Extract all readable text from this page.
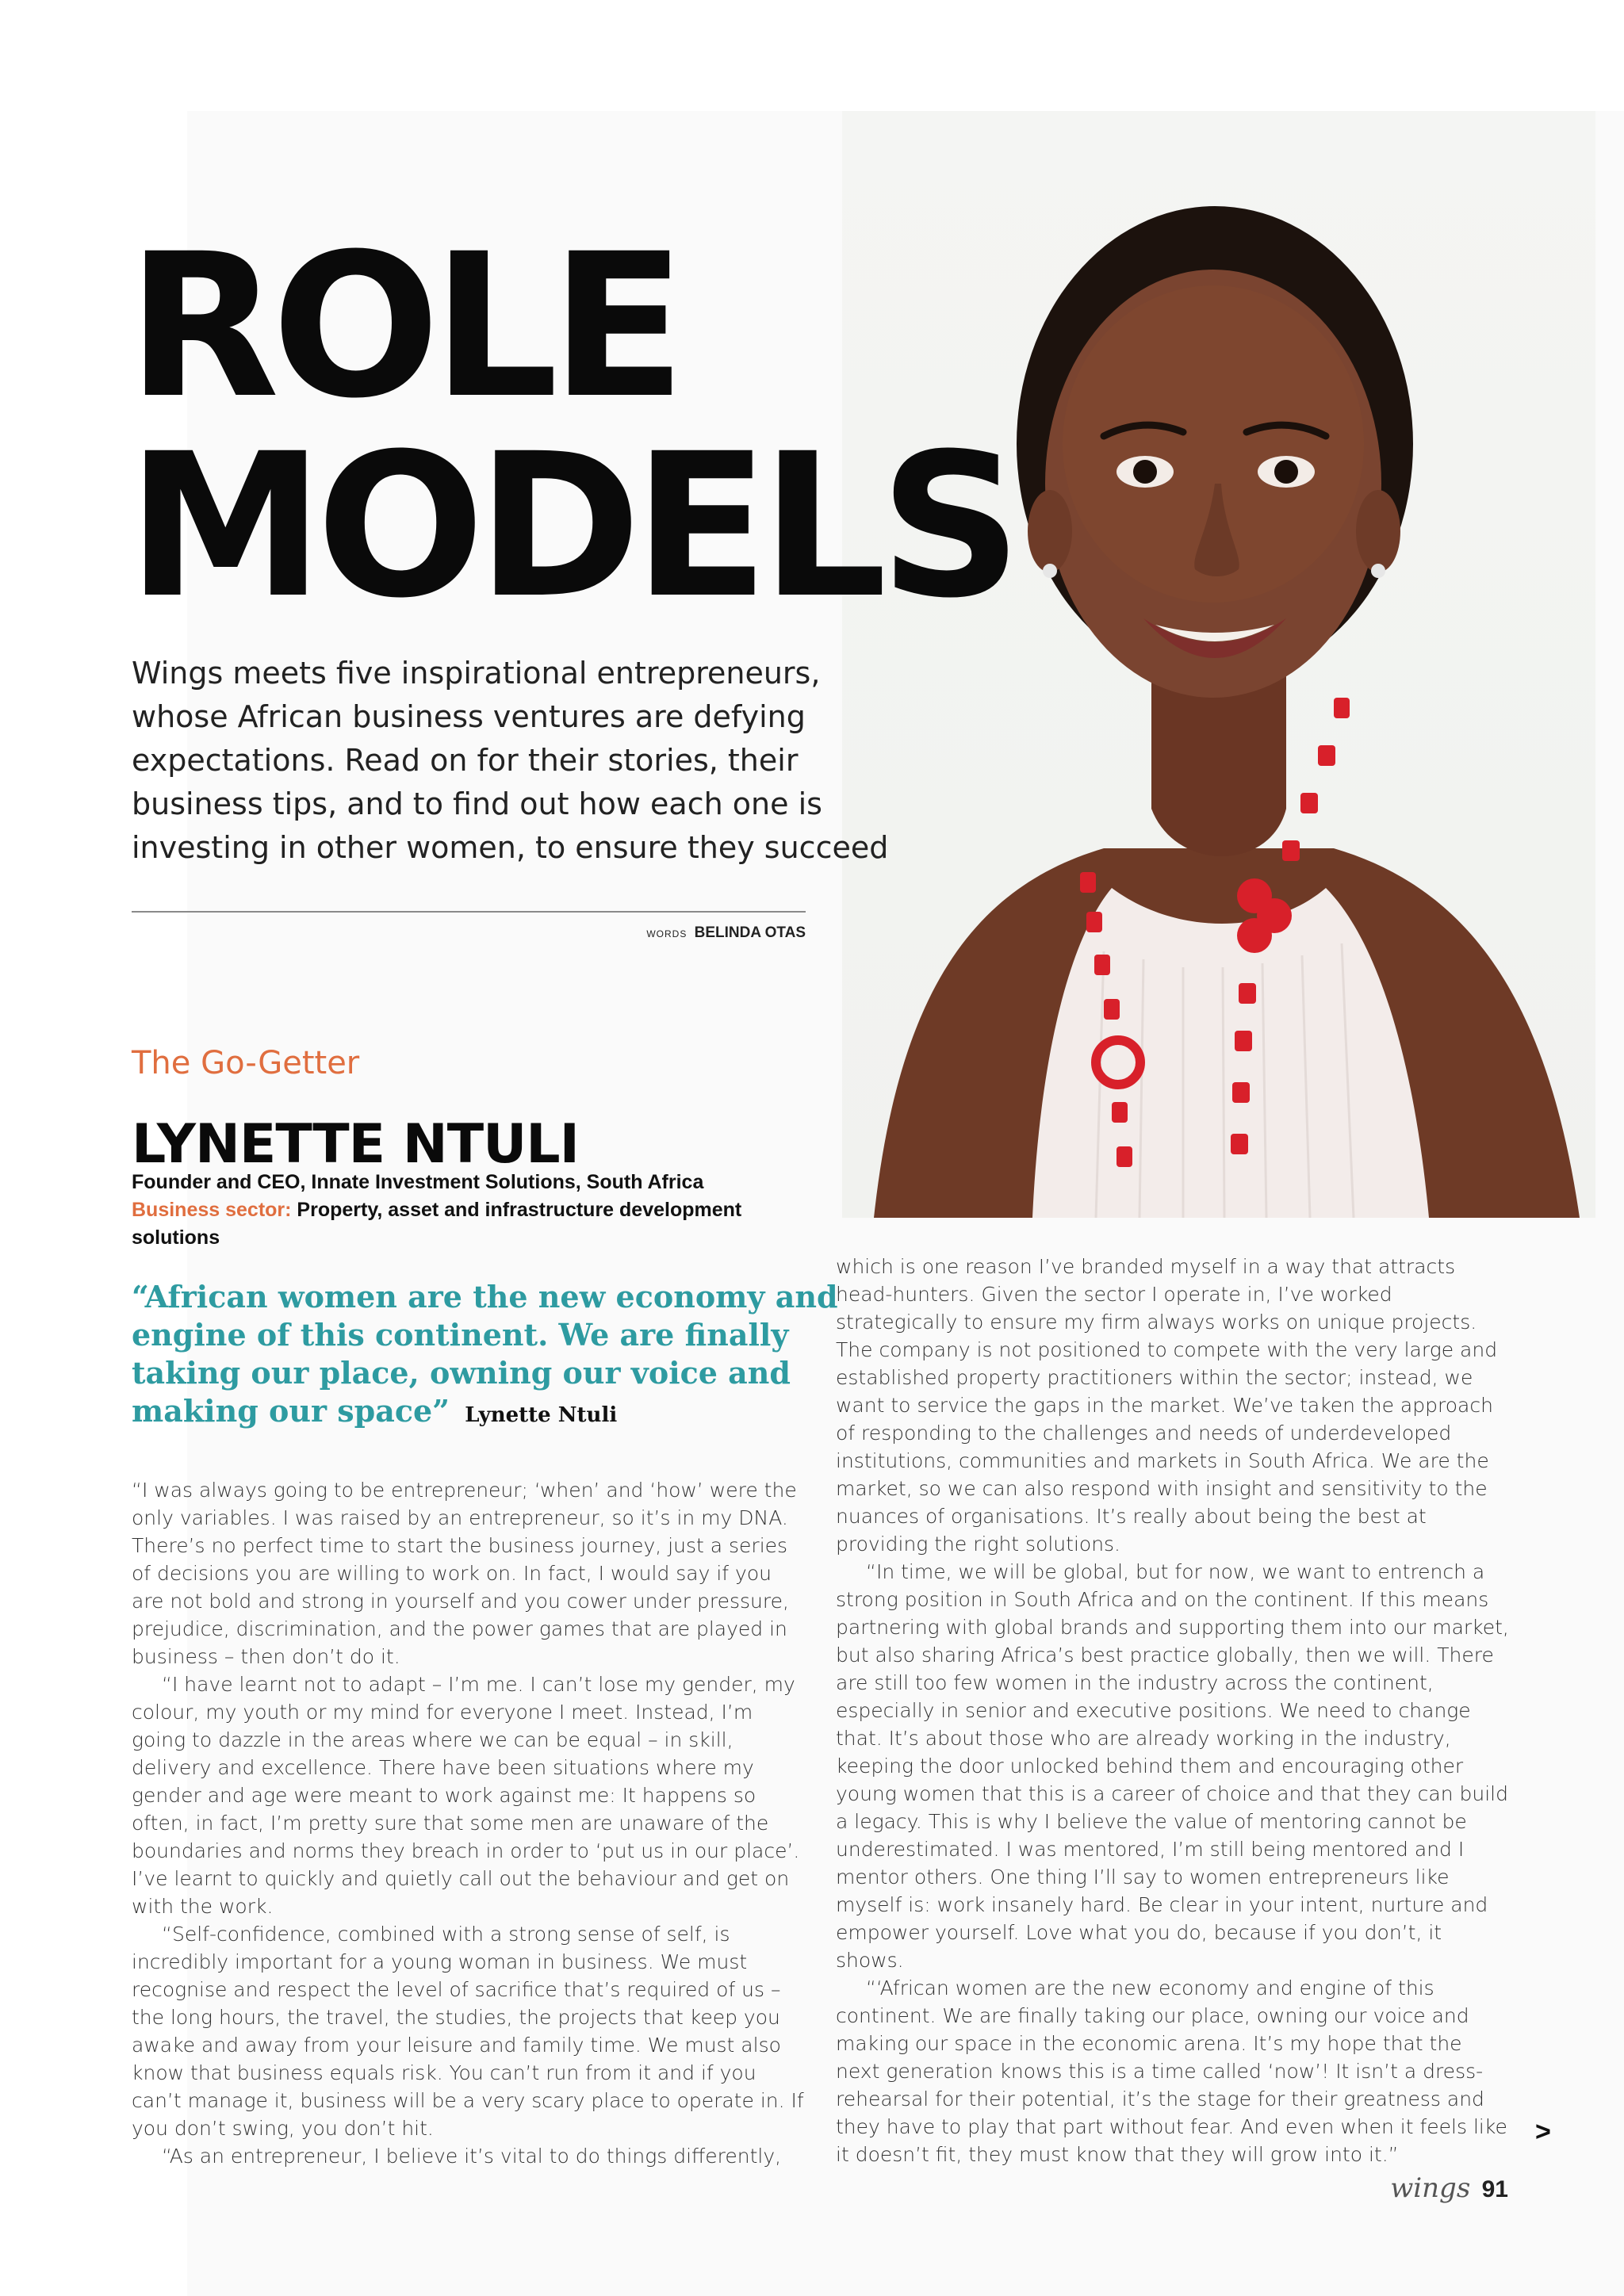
ROLE
MODELS
Wings meets five inspirational entrepreneurs, whose African business ventures are defying expectations. Read on for their stories, their business tips, and to find out how each one is investing in other women, to ensure they succeed
WORDS BELINDA OTAS
The Go-Getter
LYNETTE NTULI
Founder and CEO, Innate Investment Solutions, South Africa
Business sector: Property, asset and infrastructure development solutions
“African women are the new economy and engine of this continent. We are finally taking our place, owning our voice and making our space” Lynette Ntuli

“I was always going to be entrepreneur; ‘when’ and ‘how’ were the only variables. I was raised by an entrepreneur, so it’s in my DNA. There’s no perfect time to start the business journey, just a series of decisions you are willing to work on. In fact, I would say if you are not bold and strong in yourself and you cower under pressure, prejudice, discrimination, and the power games that are played in business – then don’t do it.

“I have learnt not to adapt – I’m me. I can’t lose my gender, my colour, my youth or my mind for everyone I meet. Instead, I’m going to dazzle in the areas where we can be equal – in skill, delivery and excellence. There have been situations where my gender and age were meant to work against me: It happens so often, in fact, I’m pretty sure that some men are unaware of the boundaries and norms they breach in order to ‘put us in our place’. I’ve learnt to quickly and quietly call out the behaviour and get on with the work.

“Self-confidence, combined with a strong sense of self, is incredibly important for a young woman in business. We must recognise and respect the level of sacrifice that’s required of us – the long hours, the travel, the studies, the projects that keep you awake and away from your leisure and family time. We must also know that business equals risk. You can’t run from it and if you can’t manage it, business will be a very scary place to operate in. If you don’t swing, you don’t hit.

“As an entrepreneur, I believe it’s vital to do things differently,

which is one reason I’ve branded myself in a way that attracts head-hunters. Given the sector I operate in, I’ve worked strategically to ensure my firm always works on unique projects. The company is not positioned to compete with the very large and established property practitioners within the sector; instead, we want to service the gaps in the market. We’ve taken the approach of responding to the challenges and needs of underdeveloped institutions, communities and markets in South Africa. We are the market, so we can also respond with insight and sensitivity to the nuances of organisations. It’s really about being the best at providing the right solutions.

“In time, we will be global, but for now, we want to entrench a strong position in South Africa and on the continent. If this means partnering with global brands and supporting them into our market, but also sharing Africa’s best practice globally, then we will. There are still too few women in the industry across the continent, especially in senior and executive positions. We need to change that. It’s about those who are already working in the industry, keeping the door unlocked behind them and encouraging other young women that this is a career of choice and that they can build a legacy. This is why I believe the value of mentoring cannot be underestimated. I was mentored, I’m still being mentored and I mentor others. One thing I’ll say to women entrepreneurs like myself is: work insanely hard. Be clear in your intent, nurture and empower yourself. Love what you do, because if you don’t, it shows.

“‘African women are the new economy and engine of this continent. We are finally taking our place, owning our voice and making our space in the economic arena. It’s my hope that the next generation knows this is a time called ‘now’! It isn’t a dress-rehearsal for their potential, it’s the stage for their greatness and they have to play that part without fear. And even when it feels like it doesn’t fit, they must know that they will grow into it.”

>
wings 91
